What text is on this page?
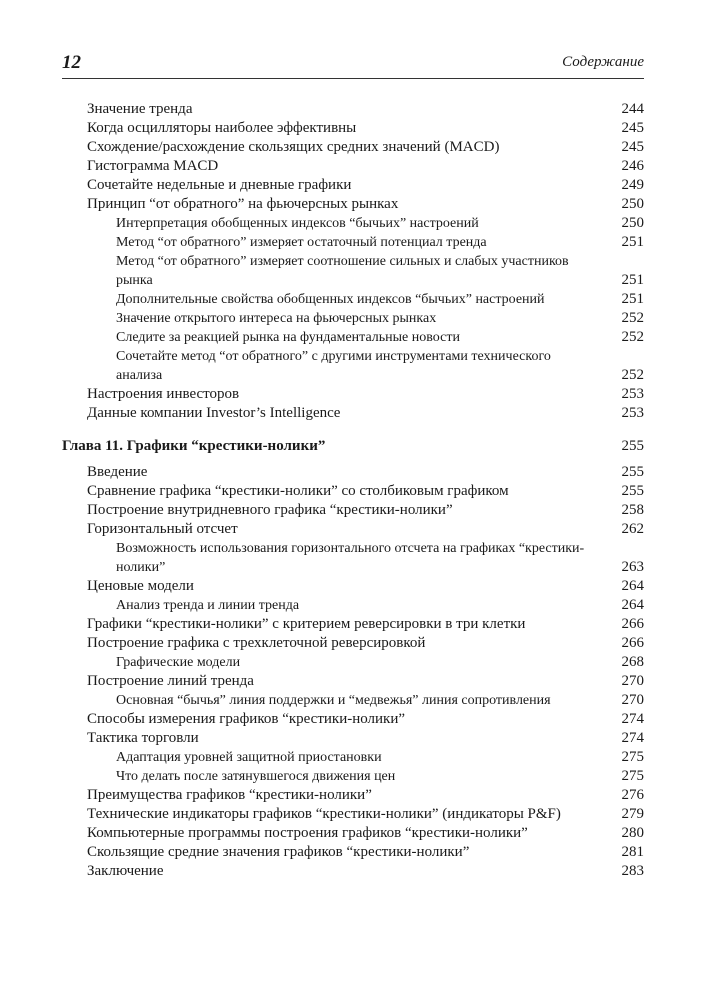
12	Содержание
Значение тренда	244
Когда осцилляторы наиболее эффективны	245
Схождение/расхождение скользящих средних значений (MACD)	245
Гистограмма MACD	246
Сочетайте недельные и дневные графики	249
Принцип “от обратного” на фьючерсных рынках	250
Интерпретация обобщенных индексов “бычьих” настроений	250
Метод “от обратного” измеряет остаточный потенциал тренда	251
Метод “от обратного” измеряет соотношение сильных и слабых участников рынка	251
Дополнительные свойства обобщенных индексов “бычьих” настроений	251
Значение открытого интереса на фьючерсных рынках	252
Следите за реакцией рынка на фундаментальные новости	252
Сочетайте метод “от обратного” с другими инструментами технического анализа	252
Настроения инвесторов	253
Данные компании Investor’s Intelligence	253
Глава 11. Графики “крестики-нолики”	255
Введение	255
Сравнение графика “крестики-нолики” со столбиковым графиком	255
Построение внутридневного графика “крестики-нолики”	258
Горизонтальный отсчет	262
Возможность использования горизонтального отсчета на графиках “крестики-нолики”	263
Ценовые модели	264
Анализ тренда и линии тренда	264
Графики “крестики-нолики” с критерием реверсировки в три клетки	266
Построение графика с трехклеточной реверсировкой	266
Графические модели	268
Построение линий тренда	270
Основная “бычья” линия поддержки и “медвежья” линия сопротивления	270
Способы измерения графиков “крестики-нолики”	274
Тактика торговли	274
Адаптация уровней защитной приостановки	275
Что делать после затянувшегося движения цен	275
Преимущества графиков “крестики-нолики”	276
Технические индикаторы графиков “крестики-нолики” (индикаторы P&F)	279
Компьютерные программы построения графиков “крестики-нолики”	280
Скользящие средние значения графиков “крестики-нолики”	281
Заключение	283
